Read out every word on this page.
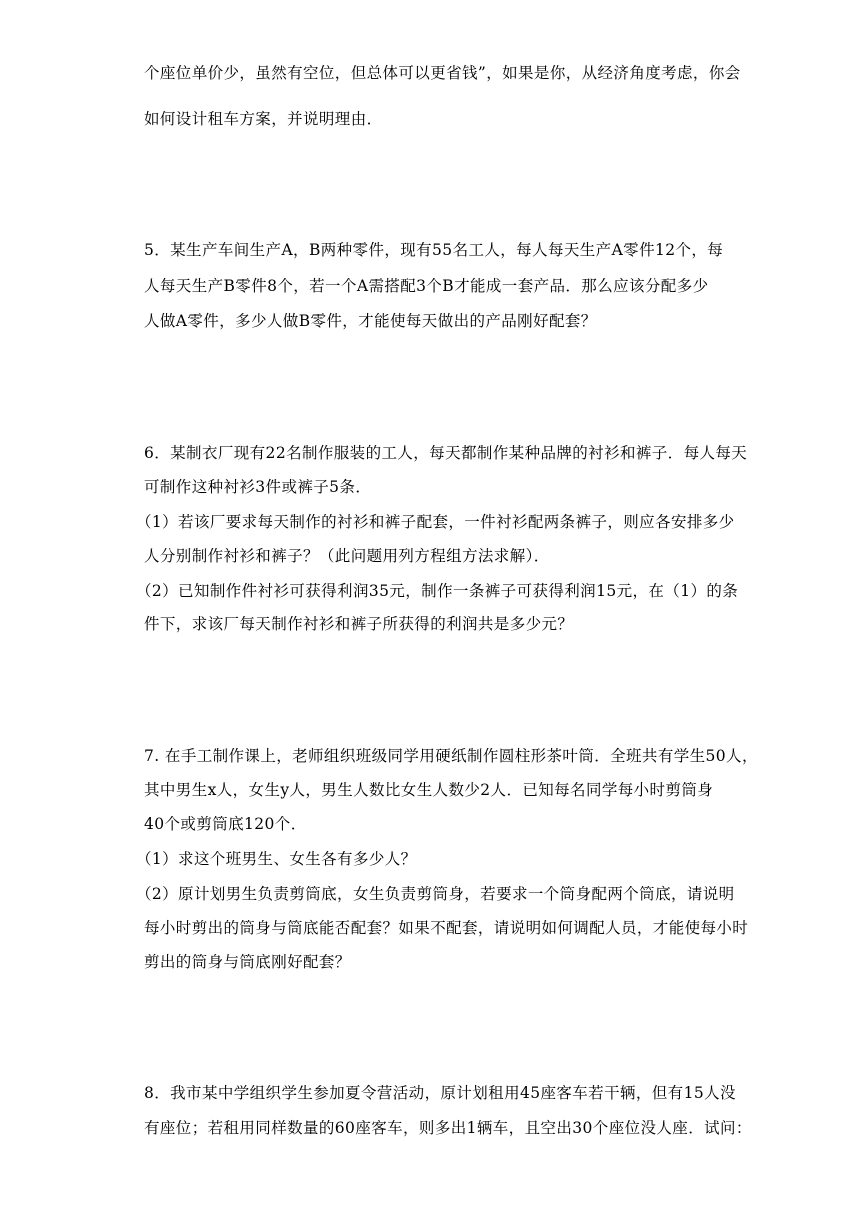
个座位单价少，虽然有空位，但总体可以更省钱”，如果是你，从经济角度考虑，你会
如何设计租车方案，并说明理由．
5．某生产车间生产A，B两种零件，现有55名工人，每人每天生产A零件12个，每
人每天生产B零件8个，若一个A需搭配3个B才能成一套产品．那么应该分配多少
人做A零件，多少人做B零件，才能使每天做出的产品刚好配套？
6．某制衣厂现有22名制作服装的工人，每天都制作某种品牌的衬衫和裤子．每人每天
可制作这种衬衫3件或裤子5条．
（1）若该厂要求每天制作的衬衫和裤子配套，一件衬衫配两条裤子，则应各安排多少
人分别制作衬衫和裤子？（此问题用列方程组方法求解）．
（2）已知制作件衬衫可获得利润35元，制作一条裤子可获得利润15元，在（1）的条
件下，求该厂每天制作衬衫和裤子所获得的利润共是多少元？
7. 在手工制作课上，老师组织班级同学用硬纸制作圆柱形茶叶筒．全班共有学生50人，
其中男生x人，女生y人，男生人数比女生人数少2人．已知每名同学每小时剪筒身
40个或剪筒底120个．
（1）求这个班男生、女生各有多少人？
（2）原计划男生负责剪筒底，女生负责剪筒身，若要求一个筒身配两个筒底，请说明
每小时剪出的筒身与筒底能否配套？如果不配套，请说明如何调配人员，才能使每小时
剪出的筒身与筒底刚好配套？
8．我市某中学组织学生参加夏令营活动，原计划租用45座客车若干辆，但有15人没
有座位；若租用同样数量的60座客车，则多出1辆车，且空出30个座位没人座．试问：
